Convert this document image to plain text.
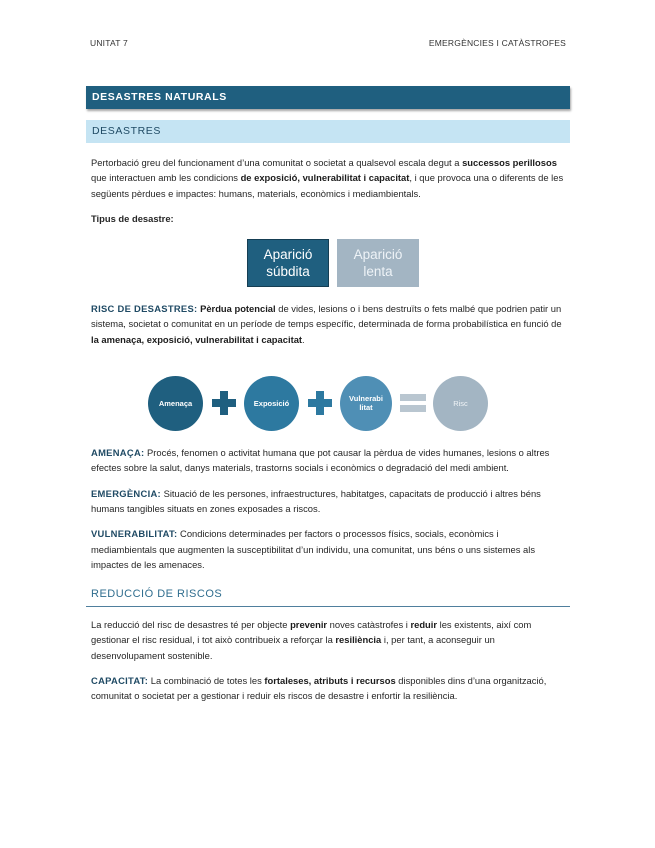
UNITAT 7	EMERGÈNCIES I CATÀSTROFES
DESASTRES NATURALS
DESASTRES

Pertorbació greu del funcionament d’una comunitat o societat a qualsevol escala degut a successos perillosos que interactuen amb les condicions de exposició, vulnerabilitat i capacitat, i que provoca una o diferents de les següents pèrdues e impactes: humans, materials, econòmics i mediambientals.

Tipus de desastre:

Aparició
súbdita
Aparició
lenta

RISC DE DESASTRES: Pèrdua potencial de vides, lesions o i bens destruïts o fets malbé que podrien patir un sistema, societat o comunitat en un període de temps específic, determinada de forma probabilística en funció de la amenaça, exposició, vulnerabilitat i capacitat.

Amenaça	Exposició	Vulnerabi
litat	Risc

AMENAÇA: Procés, fenomen o activitat humana que pot causar la pèrdua de vides humanes, lesions o altres efectes sobre la salut, danys materials, trastorns socials i econòmics o degradació del medi ambient.

EMERGÈNCIA: Situació de les persones, infraestructures, habitatges, capacitats de producció i altres béns humans tangibles situats en zones exposades a riscos.

VULNERABILITAT: Condicions determinades per factors o processos físics, socials, econòmics i mediambientals que augmenten la susceptibilitat d’un individu, una comunitat, uns béns o uns sistemes als impactes de les amenaces.

REDUCCIÓ DE RISCOS

La reducció del risc de desastres té per objecte prevenir noves catàstrofes i reduir les existents, així com gestionar el risc residual, i tot això contribueix a reforçar la resiliència i, per tant, a aconseguir un desenvolupament sostenible.

CAPACITAT: La combinació de totes les fortaleses, atributs i recursos disponibles dins d’una organització, comunitat o societat per a gestionar i reduir els riscos de desastre i enfortir la resiliència.
